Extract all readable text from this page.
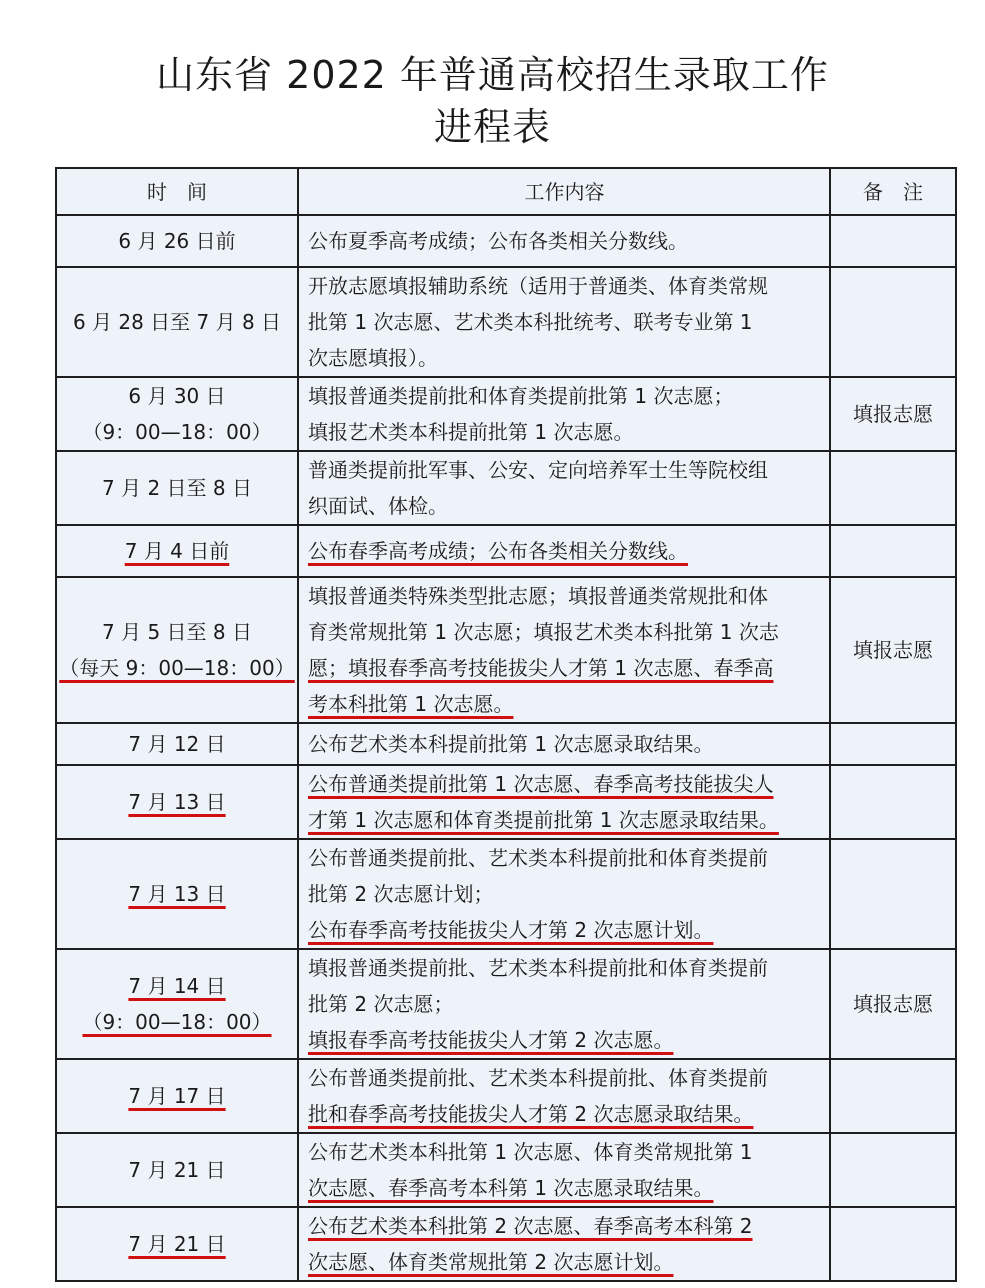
山东省 2022 年普通高校招生录取工作
进程表
时　间	工作内容	备　注

6 月 26 日前	公布夏季高考成绩；公布各类相关分数线。	

6 月 28 日至 7 月 8 日	开放志愿填报辅助系统（适用于普通类、体育类常规
批第 1 次志愿、艺术类本科批统考、联考专业第 1
次志愿填报）。	

6 月 30 日
（9：00—18：00）	填报普通类提前批和体育类提前批第 1 次志愿；
填报艺术类本科提前批第 1 次志愿。	填报志愿

7 月 2 日至 8 日	普通类提前批军事、公安、定向培养军士生等院校组
织面试、体检。	

7 月 4 日前	公布春季高考成绩；公布各类相关分数线。	

7 月 5 日至 8 日
（每天 9：00—18：00）	填报普通类特殊类型批志愿；填报普通类常规批和体
育类常规批第 1 次志愿；填报艺术类本科批第 1 次志
愿；填报春季高考技能拔尖人才第 1 次志愿、春季高
考本科批第 1 次志愿。	填报志愿

7 月 12 日	公布艺术类本科提前批第 1 次志愿录取结果。	

7 月 13 日	公布普通类提前批第 1 次志愿、春季高考技能拔尖人
才第 1 次志愿和体育类提前批第 1 次志愿录取结果。	

7 月 13 日	公布普通类提前批、艺术类本科提前批和体育类提前
批第 2 次志愿计划；
公布春季高考技能拔尖人才第 2 次志愿计划。	

7 月 14 日
（9：00—18：00）	填报普通类提前批、艺术类本科提前批和体育类提前
批第 2 次志愿；
填报春季高考技能拔尖人才第 2 次志愿。	填报志愿

7 月 17 日	公布普通类提前批、艺术类本科提前批、体育类提前
批和春季高考技能拔尖人才第 2 次志愿录取结果。	

7 月 21 日	公布艺术类本科批第 1 次志愿、体育类常规批第 1
次志愿、春季高考本科第 1 次志愿录取结果。	

7 月 21 日	公布艺术类本科批第 2 次志愿、春季高考本科第 2
次志愿、体育类常规批第 2 次志愿计划。	
